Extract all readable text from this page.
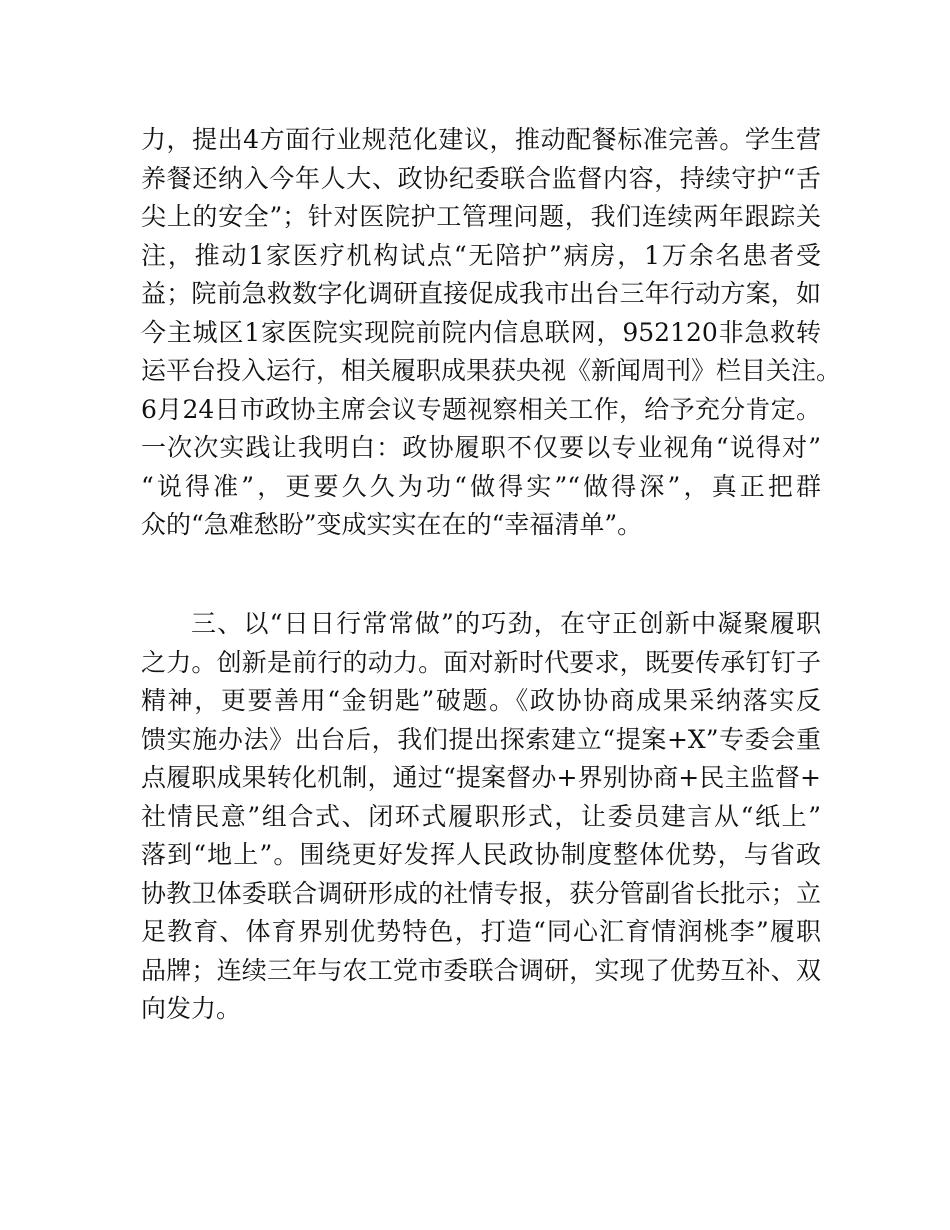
力，提出4方面行业规范化建议，推动配餐标准完善。学生营
养餐还纳入今年人大、政协纪委联合监督内容，持续守护“舌
尖上的安全”；针对医院护工管理问题，我们连续两年跟踪关
注，推动1家医疗机构试点“无陪护”病房，1万余名患者受
益；院前急救数字化调研直接促成我市出台三年行动方案，如
今主城区1家医院实现院前院内信息联网，952120非急救转
运平台投入运行，相关履职成果获央视《新闻周刊》栏目关注。
6月24日市政协主席会议专题视察相关工作，给予充分肯定。
一次次实践让我明白：政协履职不仅要以专业视角“说得对”
“说得准”，更要久久为功“做得实”“做得深”，真正把群
众的“急难愁盼”变成实实在在的“幸福清单”。
三、以“日日行常常做”的巧劲，在守正创新中凝聚履职
之力。创新是前行的动力。面对新时代要求，既要传承钉钉子
精神，更要善用“金钥匙”破题。《政协协商成果采纳落实反
馈实施办法》出台后，我们提出探索建立“提案+X”专委会重
点履职成果转化机制，通过“提案督办+界别协商+民主监督+
社情民意”组合式、闭环式履职形式，让委员建言从“纸上”
落到“地上”。围绕更好发挥人民政协制度整体优势，与省政
协教卫体委联合调研形成的社情专报，获分管副省长批示；立
足教育、体育界别优势特色，打造“同心汇育情润桃李”履职
品牌；连续三年与农工党市委联合调研，实现了优势互补、双
向发力。
